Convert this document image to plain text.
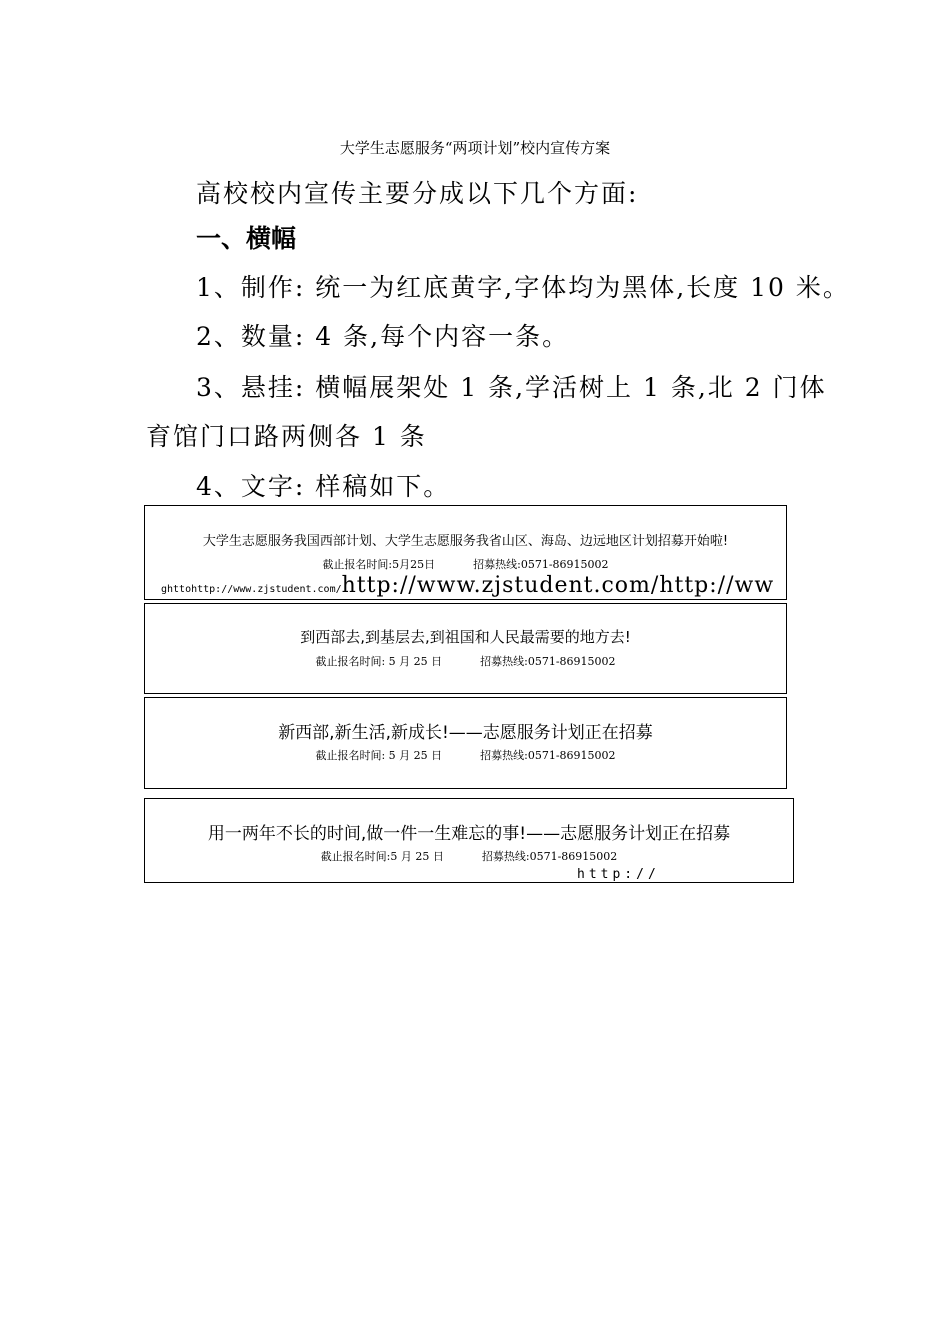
大学生志愿服务“两项计划”校内宣传方案
高校校内宣传主要分成以下几个方面:
一、横幅
1、制作: 统一为红底黄字,字体均为黑体,长度 10 米。
2、数量: 4 条,每个内容一条。
3、悬挂: 横幅展架处 1 条,学活树上 1 条,北 2 门体
育馆门口路两侧各 1 条
4、文字: 样稿如下。
大学生志愿服务我国西部计划、大学生志愿服务我省山区、海岛、边远地区计划招募开始啦!
截止报名时间:5月25日	招募热线:0571-86915002
ghttohttp://www.zjstudent.com/http://www.zjstudent.com/http://ww
到西部去,到基层去,到祖国和人民最需要的地方去!
截止报名时间: 5 月 25 日	招募热线:0571-86915002
新西部,新生活,新成长!——志愿服务计划正在招募
截止报名时间: 5 月 25 日	招募热线:0571-86915002
用一两年不长的时间,做一件一生难忘的事!——志愿服务计划正在招募
截止报名时间:5 月 25 日	招募热线:0571-86915002
http://
